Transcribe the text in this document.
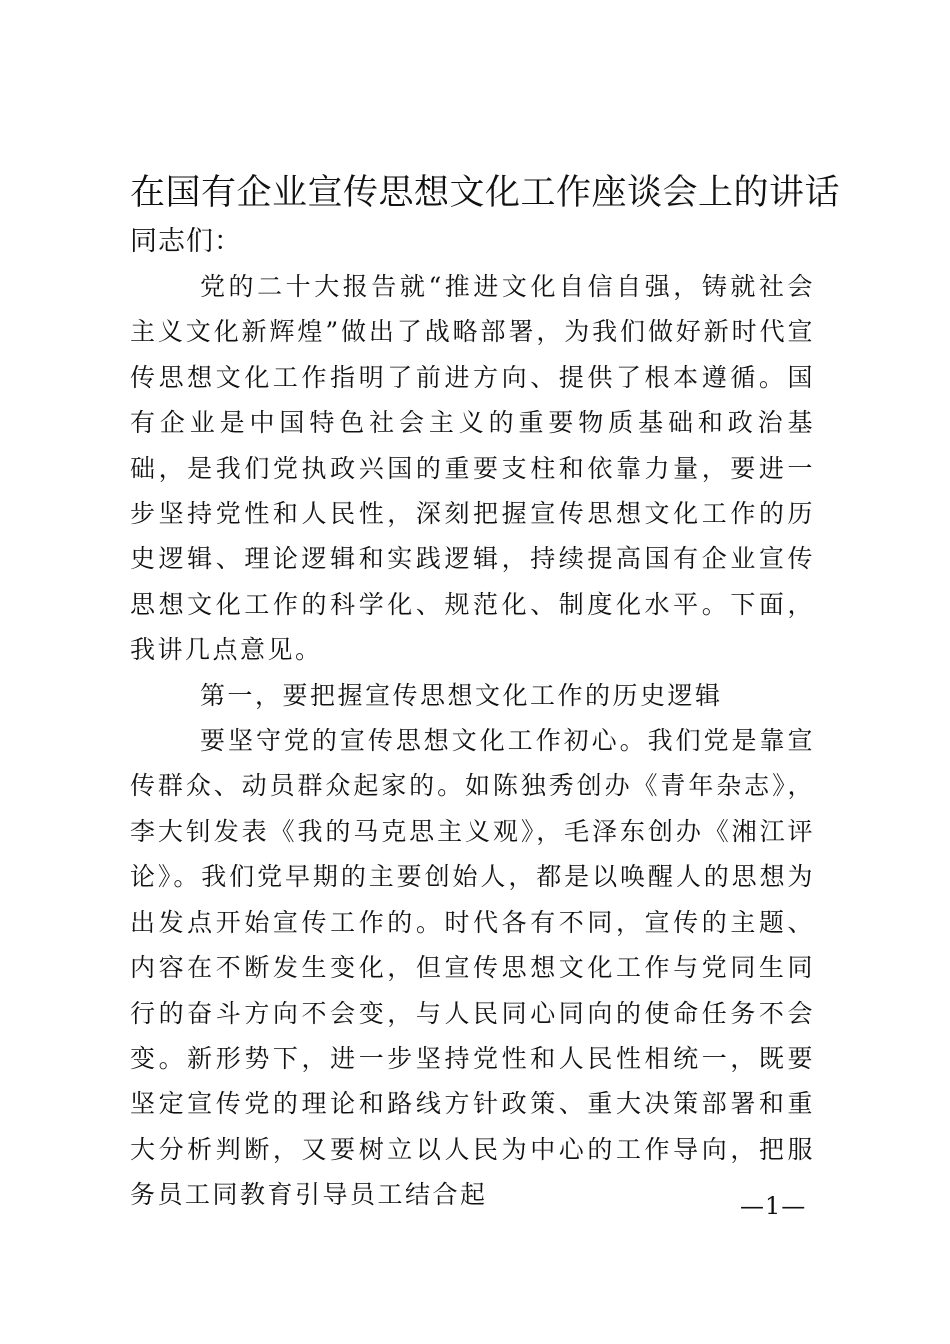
在国有企业宣传思想文化工作座谈会上的讲话
同志们：

党的二十大报告就“推进文化自信自强，铸就社会主义文化新辉煌”做出了战略部署，为我们做好新时代宣传思想文化工作指明了前进方向、提供了根本遵循。国有企业是中国特色社会主义的重要物质基础和政治基础，是我们党执政兴国的重要支柱和依靠力量，要进一步坚持党性和人民性，深刻把握宣传思想文化工作的历史逻辑、理论逻辑和实践逻辑，持续提高国有企业宣传思想文化工作的科学化、规范化、制度化水平。下面，我讲几点意见。

第一，要把握宣传思想文化工作的历史逻辑

要坚守党的宣传思想文化工作初心。我们党是靠宣传群众、动员群众起家的。如陈独秀创办《青年杂志》，李大钊发表《我的马克思主义观》，毛泽东创办《湘江评论》。我们党早期的主要创始人，都是以唤醒人的思想为出发点开始宣传工作的。时代各有不同，宣传的主题、内容在不断发生变化，但宣传思想文化工作与党同生同行的奋斗方向不会变，与人民同心同向的使命任务不会变。新形势下，进一步坚持党性和人民性相统一，既要坚定宣传党的理论和路线方针政策、重大决策部署和重大分析判断，又要树立以人民为中心的工作导向，把服务员工同教育引导员工结合起	—1—
